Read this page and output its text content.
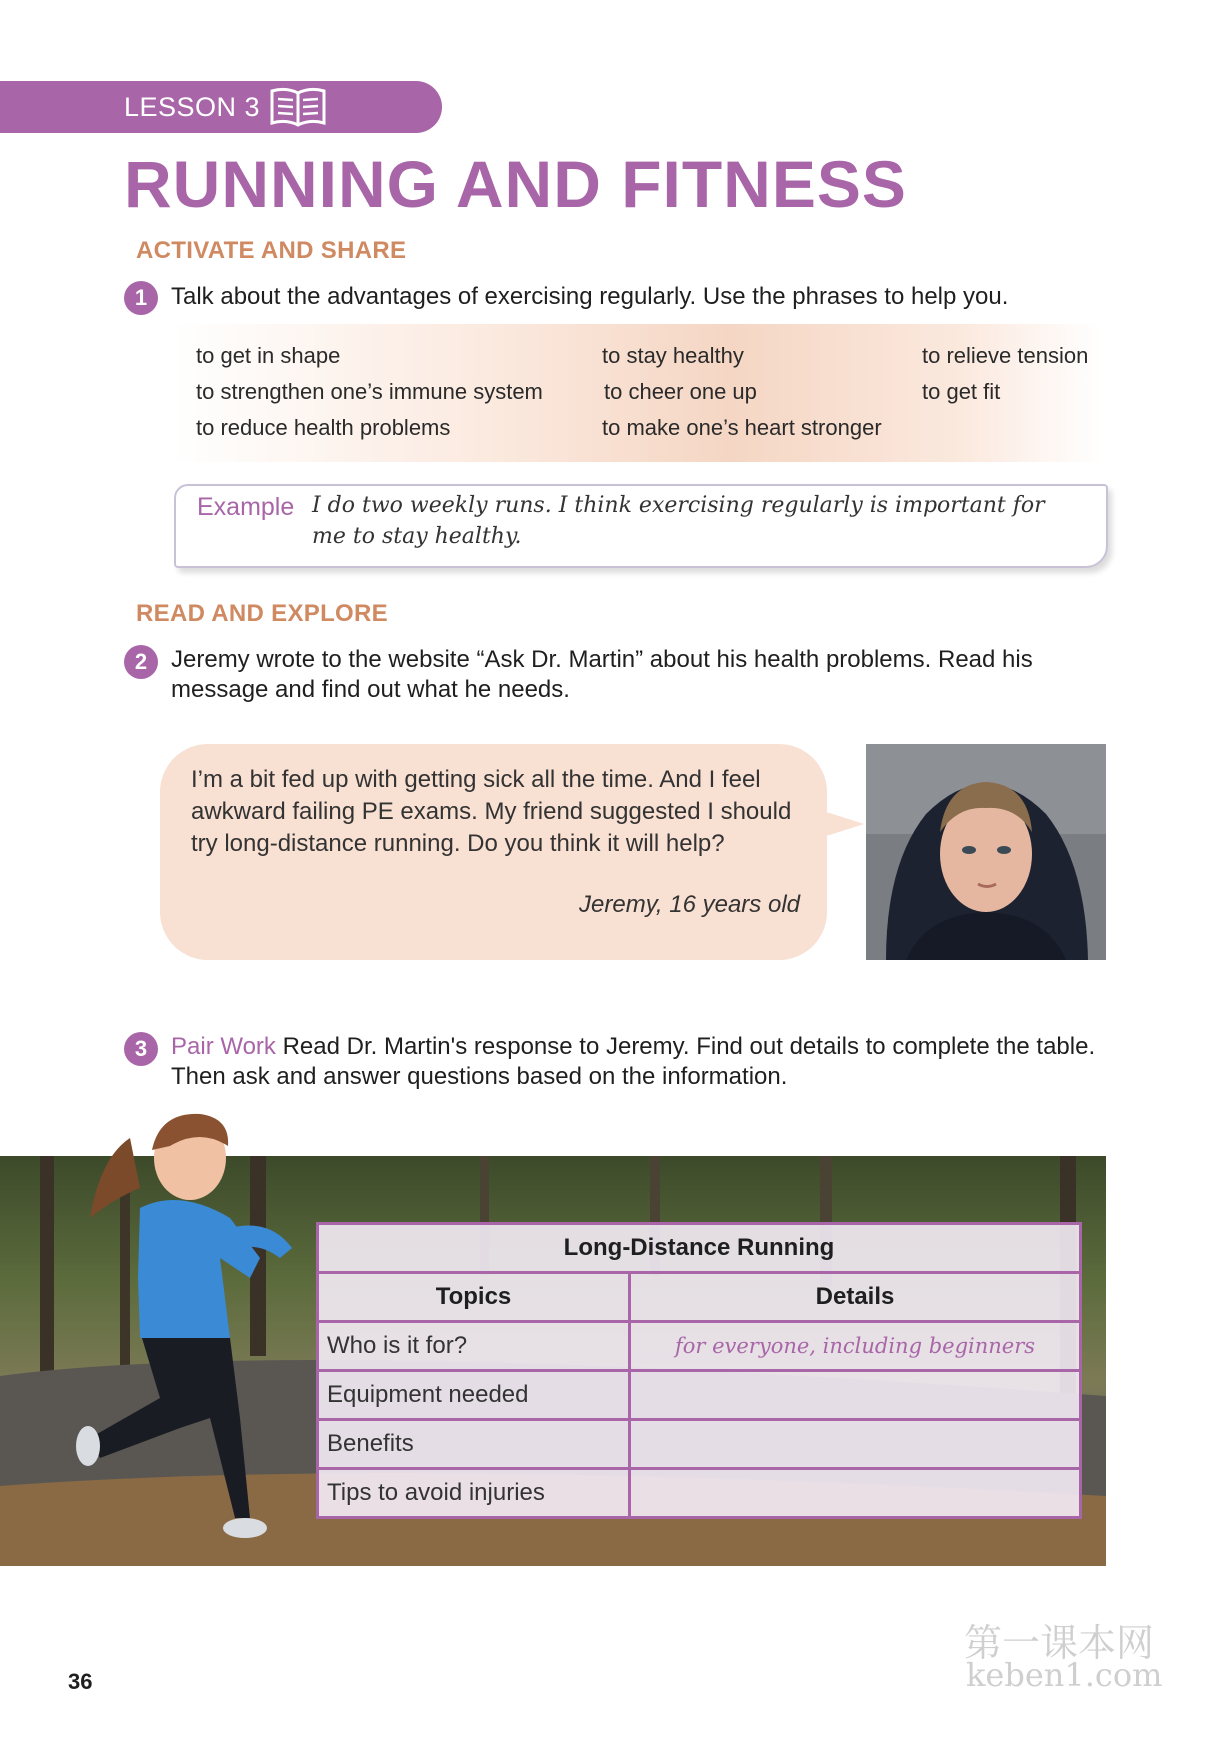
LESSON 3
RUNNING AND FITNESS
ACTIVATE AND SHARE
1 Talk about the advantages of exercising regularly. Use the phrases to help you.
to get in shape	to stay healthy	to relieve tension
to strengthen one’s immune system	to cheer one up	to get fit
to reduce health problems	to make one’s heart stronger
Example I do two weekly runs. I think exercising regularly is important for me to stay healthy.
READ AND EXPLORE
2 Jeremy wrote to the website “Ask Dr. Martin” about his health problems. Read his message and find out what he needs.
I’m a bit fed up with getting sick all the time. And I feel awkward failing PE exams. My friend suggested I should try long-distance running. Do you think it will help?
Jeremy, 16 years old
3 Pair Work Read Dr. Martin's response to Jeremy. Find out details to complete the table. Then ask and answer questions based on the information.
Long-Distance Running	
Topics	Details
Who is it for?	for everyone, including beginners
Equipment needed	
Benefits	
Tips to avoid injuries	
36
第一课本网
keben1.com
